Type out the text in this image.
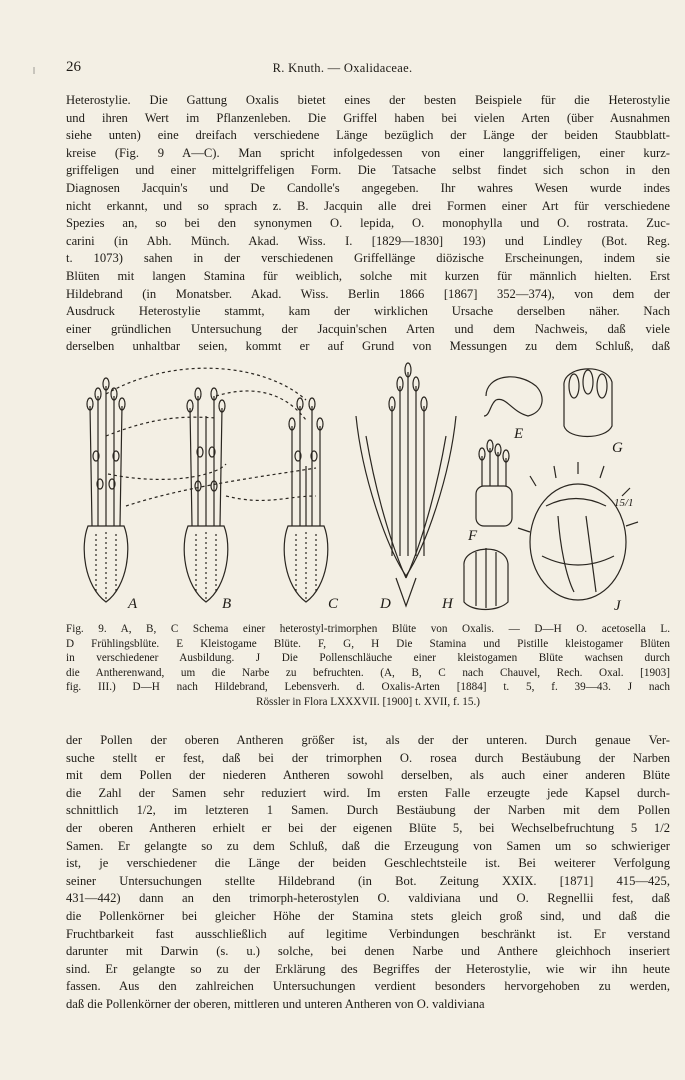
ǀ 26	R. Knuth. — Oxalidaceae.

Heterostylie. Die Gattung Oxalis bietet eines der besten Beispiele für die Heterostylie

und ihren Wert im Pflanzenleben. Die Griffel haben bei vielen Arten (über Ausnahmen

siehe unten) eine dreifach verschiedene Länge bezüglich der Länge der beiden Staubblatt-

kreise (Fig. 9 A—C). Man spricht infolgedessen von einer langgriffeligen, einer kurz-

griffeligen und einer mittelgriffeligen Form. Die Tatsache selbst findet sich schon in den

Diagnosen Jacquin's und De Candolle's angegeben. Ihr wahres Wesen wurde indes

nicht erkannt, und so sprach z. B. Jacquin alle drei Formen einer Art für verschiedene

Spezies an, so bei den synonymen O. lepida, O. monophylla und O. rostrata. Zuc-

carini (in Abh. Münch. Akad. Wiss. I. [1829—1830] 193) und Lindley (Bot. Reg.

t. 1073) sahen in der verschiedenen Griffellänge diözische Erscheinungen, indem sie

Blüten mit langen Stamina für weiblich, solche mit kurzen für männlich hielten. Erst

Hildebrand (in Monatsber. Akad. Wiss. Berlin 1866 [1867] 352—374), von dem der

Ausdruck Heterostylie stammt, kam der wirklichen Ursache derselben näher. Nach

einer gründlichen Untersuchung der Jacquin'schen Arten und dem Nachweis, daß viele

derselben unhaltbar seien, kommt er auf Grund von Messungen zu dem Schluß, daß

A	B	C	D	H
E
F
G
J
15/1

Fig. 9. A, B, C Schema einer heterostyl-trimorphen Blüte von Oxalis. — D—H O. acetosella L.

D Frühlingsblüte. E Kleistogame Blüte. F, G, H Die Stamina und Pistille kleistogamer Blüten

in verschiedener Ausbildung. J Die Pollenschläuche einer kleistogamen Blüte wachsen durch

die Antherenwand, um die Narbe zu befruchten. (A, B, C nach Chauvel, Rech. Oxal. [1903]

fig. III.) D—H nach Hildebrand, Lebensverh. d. Oxalis-Arten [1884] t. 5, f. 39—43. J nach

Rössler in Flora LXXXVII. [1900] t. XVII, f. 15.)

der Pollen der oberen Antheren größer ist, als der der unteren. Durch genaue Ver-

suche stellt er fest, daß bei der trimorphen O. rosea durch Bestäubung der Narben

mit dem Pollen der niederen Antheren sowohl derselben, als auch einer anderen Blüte

die Zahl der Samen sehr reduziert wird. Im ersten Falle erzeugte jede Kapsel durch-

schnittlich 1/2, im letzteren 1 Samen. Durch Bestäubung der Narben mit dem Pollen

der oberen Antheren erhielt er bei der eigenen Blüte 5, bei Wechselbefruchtung 5 1/2

Samen. Er gelangte so zu dem Schluß, daß die Erzeugung von Samen um so schwieriger

ist, je verschiedener die Länge der beiden Geschlechtsteile ist. Bei weiterer Verfolgung

seiner Untersuchungen stellte Hildebrand (in Bot. Zeitung XXIX. [1871] 415—425,

431—442) dann an den trimorph-heterostylen O. valdiviana und O. Regnellii fest, daß

die Pollenkörner bei gleicher Höhe der Stamina stets gleich groß sind, und daß die

Fruchtbarkeit fast ausschließlich auf legitime Verbindungen beschränkt ist. Er verstand

darunter mit Darwin (s. u.) solche, bei denen Narbe und Anthere gleichhoch inseriert

sind. Er gelangte so zu der Erklärung des Begriffes der Heterostylie, wie wir ihn heute

fassen. Aus den zahlreichen Untersuchungen verdient besonders hervorgehoben zu werden,

daß die Pollenkörner der oberen, mittleren und unteren Antheren von O. valdiviana
